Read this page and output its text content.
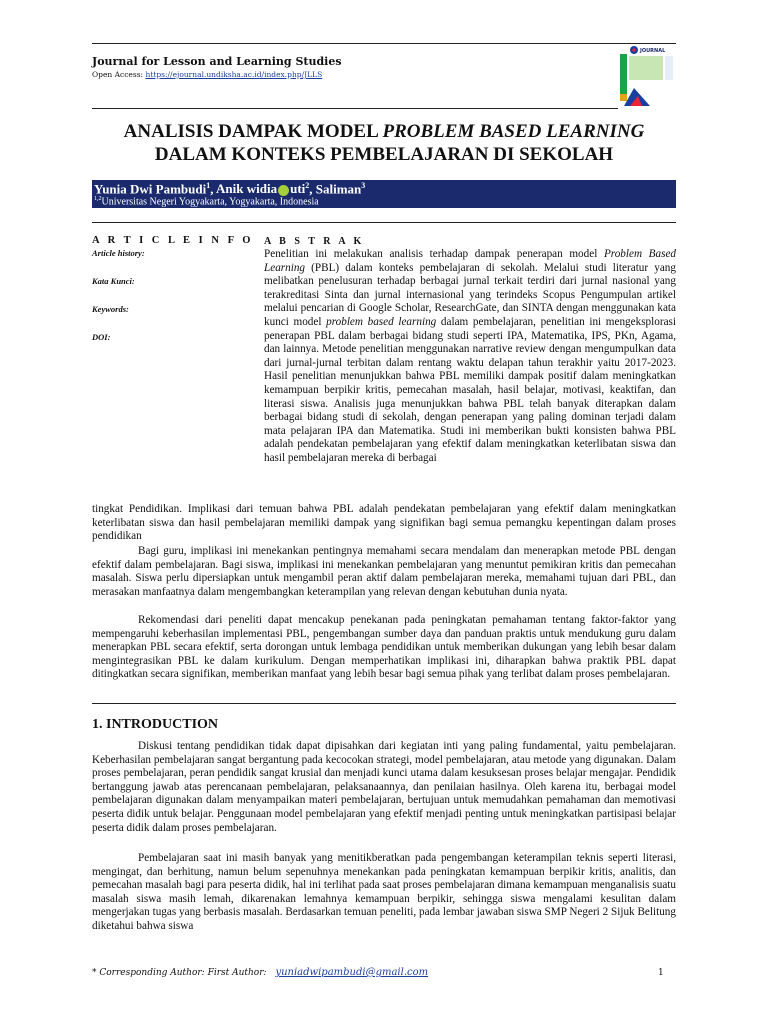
Journal for Lesson and Learning Studies
Open Access: https://ejournal.undiksha.ac.id/index.php/JLLS
JOURNAL
ANALISIS DAMPAK MODEL PROBLEM BASED LEARNING
DALAM KONTEKS PEMBELAJARAN DI SEKOLAH
Yunia Dwi Pambudi$^1$, Anik widia uti$^2$, Saliman$^3$
$^{1,2}$Universitas Negeri Yogyakarta, Yogyakarta, Indonesia
A R T I C L E I N F O
Article history:
Kata Kunci:
Keywords:
DOI:
A B S T R A K
Penelitian ini melakukan analisis terhadap dampak penerapan model Problem Based Learning (PBL) dalam konteks pembelajaran di sekolah. Melalui studi literatur yang melibatkan penelusuran terhadap berbagai jurnal terkait terdiri dari jurnal nasional yang terakreditasi Sinta dan jurnal internasional yang terindeks Scopus Pengumpulan artikel melalui pencarian di Google Scholar, ResearchGate, dan SINTA dengan menggunakan kata kunci model problem based learning dalam pembelajaran, penelitian ini mengeksplorasi penerapan PBL dalam berbagai bidang studi seperti IPA, Matematika, IPS, PKn, Agama, dan lainnya. Metode penelitian menggunakan narrative review dengan mengumpulkan data dari jurnal-jurnal terbitan dalam rentang waktu delapan tahun terakhir yaitu 2017-2023. Hasil penelitian menunjukkan bahwa PBL memiliki dampak positif dalam meningkatkan kemampuan berpikir kritis, pemecahan masalah, hasil belajar, motivasi, keaktifan, dan literasi siswa. Analisis juga menunjukkan bahwa PBL telah banyak diterapkan dalam berbagai bidang studi di sekolah, dengan penerapan yang paling dominan terjadi dalam mata pelajaran IPA dan Matematika. Studi ini memberikan bukti konsisten bahwa PBL adalah pendekatan pembelajaran yang efektif dalam meningkatkan keterlibatan siswa dan hasil pembelajaran mereka di berbagai
tingkat Pendidikan. Implikasi dari temuan bahwa PBL adalah pendekatan pembelajaran yang efektif dalam meningkatkan keterlibatan siswa dan hasil pembelajaran memiliki dampak yang signifikan bagi semua pemangku kepentingan dalam proses pendidikan
Bagi guru, implikasi ini menekankan pentingnya memahami secara mendalam dan menerapkan metode PBL dengan efektif dalam pembelajaran. Bagi siswa, implikasi ini menekankan pembelajaran yang menuntut pemikiran kritis dan pemecahan masalah. Siswa perlu dipersiapkan untuk mengambil peran aktif dalam pembelajaran mereka, memahami tujuan dari PBL, dan merasakan manfaatnya dalam mengembangkan keterampilan yang relevan dengan kebutuhan dunia nyata.
Rekomendasi dari peneliti dapat mencakup penekanan pada peningkatan pemahaman tentang faktor-faktor yang mempengaruhi keberhasilan implementasi PBL, pengembangan sumber daya dan panduan praktis untuk mendukung guru dalam menerapkan PBL secara efektif, serta dorongan untuk lembaga pendidikan untuk memberikan dukungan yang lebih besar dalam mengintegrasikan PBL ke dalam kurikulum. Dengan memperhatikan implikasi ini, diharapkan bahwa praktik PBL dapat ditingkatkan secara signifikan, memberikan manfaat yang lebih besar bagi semua pihak yang terlibat dalam proses pembelajaran.
1. INTRODUCTION
Diskusi tentang pendidikan tidak dapat dipisahkan dari kegiatan inti yang paling fundamental, yaitu pembelajaran. Keberhasilan pembelajaran sangat bergantung pada kecocokan strategi, model pembelajaran, atau metode yang digunakan. Dalam proses pembelajaran, peran pendidik sangat krusial dan menjadi kunci utama dalam kesuksesan proses belajar mengajar. Pendidik bertanggung jawab atas perencanaan pembelajaran, pelaksanaannya, dan penilaian hasilnya. Oleh karena itu, berbagai model pembelajaran digunakan dalam menyampaikan materi pembelajaran, bertujuan untuk memudahkan pemahaman dan memotivasi peserta didik untuk belajar. Penggunaan model pembelajaran yang efektif menjadi penting untuk meningkatkan partisipasi belajar peserta didik dalam proses pembelajaran.
Pembelajaran saat ini masih banyak yang menitikberatkan pada pengembangan keterampilan teknis seperti literasi, mengingat, dan berhitung, namun belum sepenuhnya menekankan pada peningkatan kemampuan berpikir kritis, analitis, dan pemecahan masalah bagi para peserta didik, hal ini terlihat pada saat proses pembelajaran dimana kemampuan menganalisis suatu masalah siswa masih lemah, dikarenakan lemahnya kemampuan berpikir, sehingga siswa mengalami kesulitan dalam mengerjakan tugas yang berbasis masalah. Berdasarkan temuan peneliti, pada lembar jawaban siswa SMP Negeri 2 Sijuk Belitung diketahui bahwa siswa
* Corresponding Author: First Author: yuniadwipambudi@gmail.com	1
